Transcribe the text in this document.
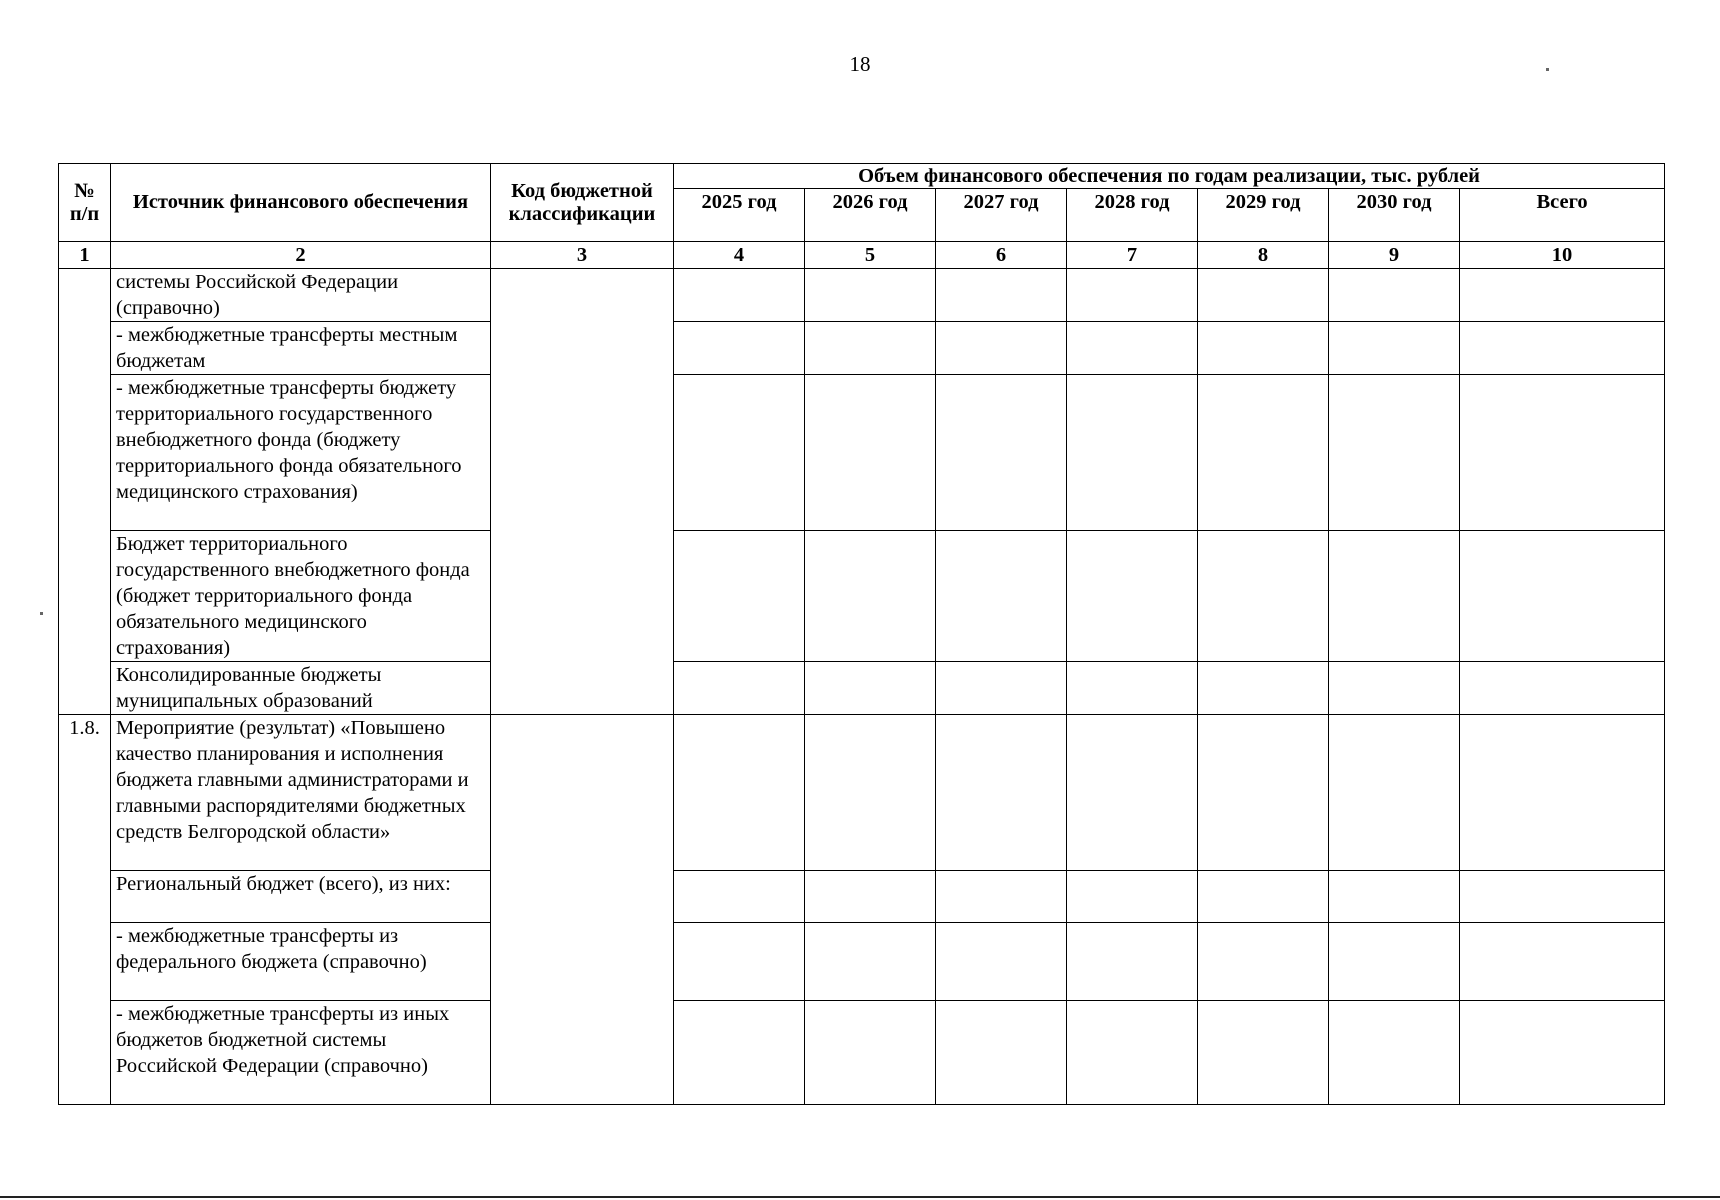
18
№ п/п	Источник финансового обеспечения	Код бюджетной классификации	Объем финансового обеспечения по годам реализации, тыс. рублей						
			2025 год	2026 год	2027 год	2028 год	2029 год	2030 год	Всего
1	2	3	4	5	6	7	8	9	10
	системы Российской Федерации (справочно)								
	- межбюджетные трансферты местным бюджетам								
	- межбюджетные трансферты бюджету территориального государственного внебюджетного фонда (бюджету территориального фонда обязательного медицинского страхования)								
	Бюджет территориального государственного внебюджетного фонда (бюджет территориального фонда обязательного медицинского страхования)								
	Консолидированные бюджеты муниципальных образований								
1.8.	Мероприятие (результат) «Повышено качество планирования и исполнения бюджета главными администраторами и главными распорядителями бюджетных средств Белгородской области»								
	Региональный бюджет (всего), из них:								
	- межбюджетные трансферты из федерального бюджета (справочно)								
	- межбюджетные трансферты из иных бюджетов бюджетной системы Российской Федерации (справочно)								
